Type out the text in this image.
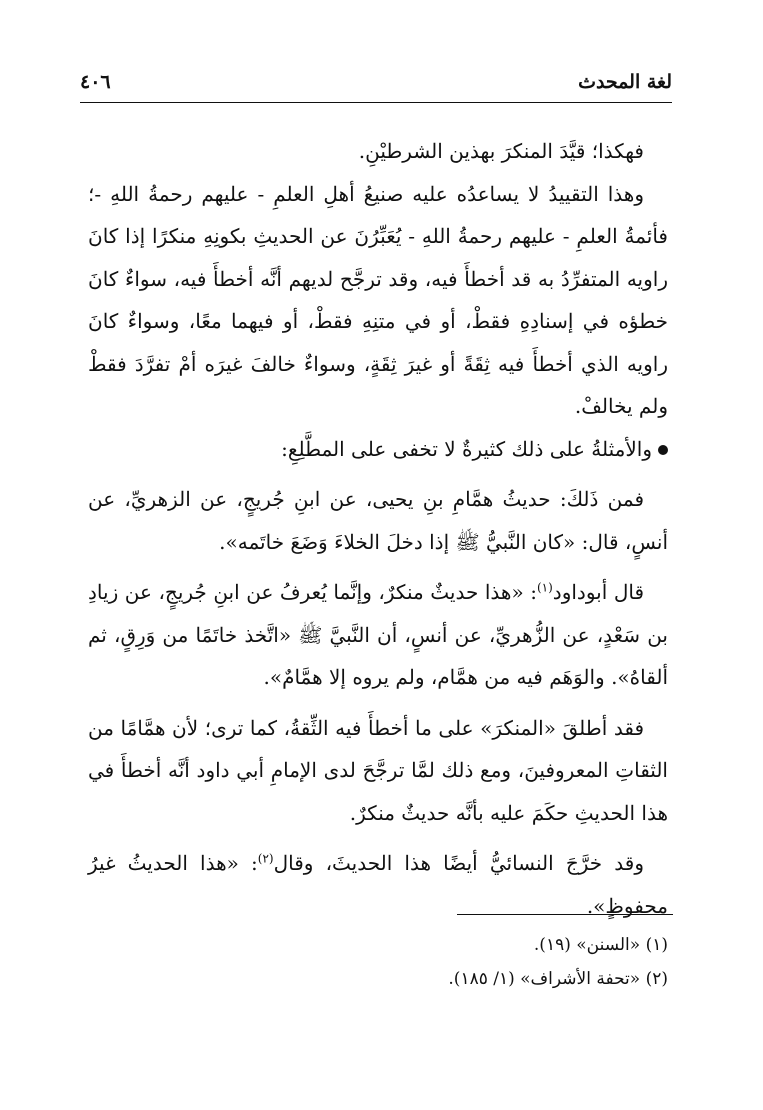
لغة المحدث
٤٠٦

فهكذا؛ قيَّدَ المنكرَ بهذين الشرطيْنِ.

وهذا التقييدُ لا يساعدُه عليه صنيعُ أهلِ العلمِ - عليهم رحمةُ اللهِ -؛ فأئمةُ العلمِ - عليهم رحمةُ اللهِ - يُعَبِّرُنَ عن الحديثِ بكونِهِ منكرًا إذا كانَ راويه المتفرِّدُ به قد أخطأَ فيه، وقد ترجَّح لديهم أنَّه أخطأَ فيه، سواءٌ كانَ خطؤه في إسنادِهِ فقطْ، أو في متنِهِ فقطْ، أو فيهما معًا، وسواءٌ كانَ راويه الذي أخطأَ فيه ثِقَةً أو غيرَ ثِقَةٍ، وسواءٌ خالفَ غيرَه أمْ تفرَّدَ فقطْ ولم يخالفْ.

والأمثلةُ على ذلك كثيرةٌ لا تخفى على المطَّلِعِ:

فمن ذَلكَ: حديثُ همَّامِ بنِ يحيى، عن ابنِ جُريجٍ، عن الزهريِّ، عن أنسٍ، قال: «كان النَّبيُّ ﷺ إذا دخلَ الخلاءَ وَضَعَ خاتَمه».

قال أبوداود$^{(١)}$: «هذا حديثٌ منكرٌ، وإنَّما يُعرفُ عن ابنِ جُريجٍ، عن زيادِ بن سَعْدٍ، عن الزُّهريِّ، عن أنسٍ، أن النَّبيَّ ﷺ «اتَّخذ خاتَمًا من وَرِقٍ، ثم ألقاهُ». والوَهَم فيه من همَّام، ولم يروه إلا همَّامٌ».

فقد أطلقَ «المنكرَ» على ما أخطأَ فيه الثِّقةُ، كما ترى؛ لأن همَّامًا من الثقاتِ المعروفينَ، ومع ذلك لمَّا ترجَّحَ لدى الإمامِ أبي داود أنَّه أخطأَ في هذا الحديثِ حكَمَ عليه بأنَّه حديثٌ منكرٌ.

وقد خرَّجَ النسائيُّ أيضًا هذا الحديثَ، وقال$^{(٢)}$: «هذا الحديثُ غيرُ محفوظٍ».

(١) «السنن» (١٩).

(٢) «تحفة الأشراف» (١/ ١٨٥).
